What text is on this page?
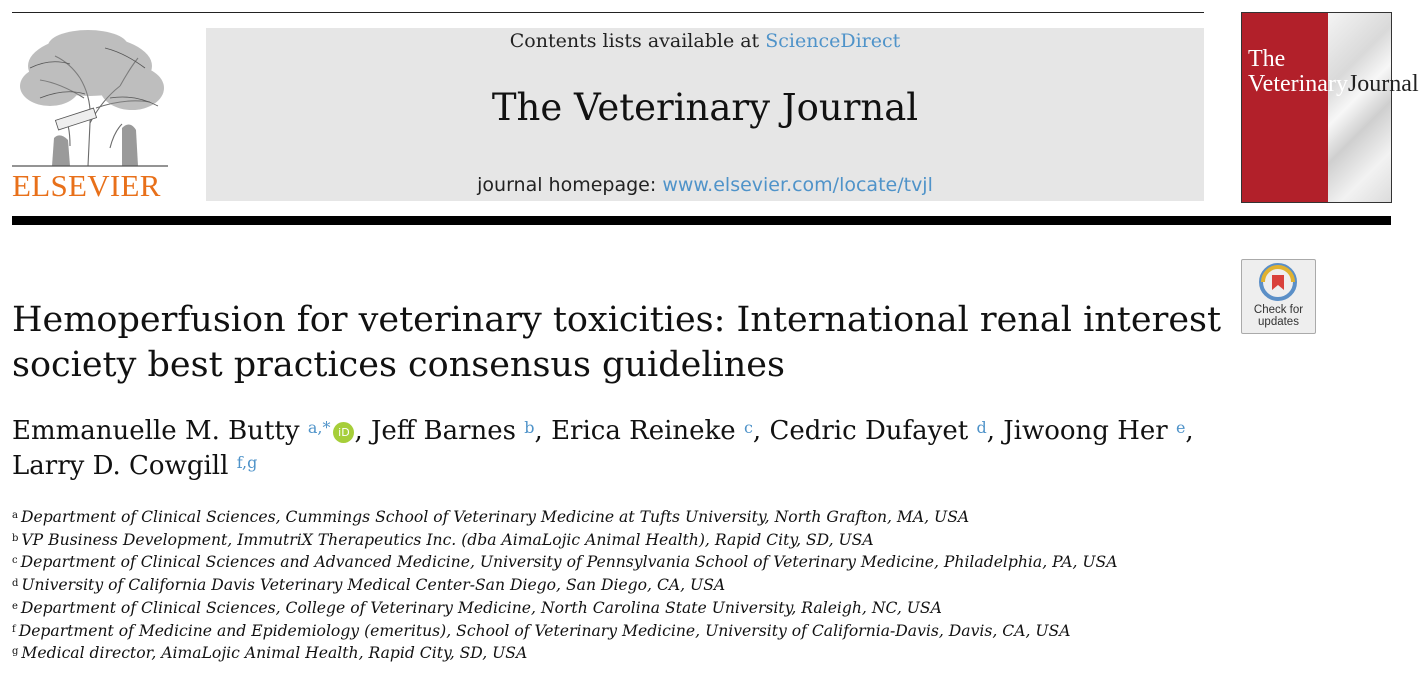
ELSEVIER
Contents lists available at ScienceDirect
The Veterinary Journal
journal homepage: www.elsevier.com/locate/tvjl
The
VeterinaryJournal
Check for
updates
Hemoperfusion for veterinary toxicities: International renal interest society best practices consensus guidelines
Emmanuelle M. Butty $^{a,*}$ iD , Jeff Barnes $^b$, Erica Reineke $^c$, Cedric Dufayet $^d$, Jiwoong Her $^e$,
Larry D. Cowgill $^{f,g}$
$^a$ Department of Clinical Sciences, Cummings School of Veterinary Medicine at Tufts University, North Grafton, MA, USA
$^b$ VP Business Development, ImmutriX Therapeutics Inc. (dba AimaLojic Animal Health), Rapid City, SD, USA
$^c$ Department of Clinical Sciences and Advanced Medicine, University of Pennsylvania School of Veterinary Medicine, Philadelphia, PA, USA
$^d$ University of California Davis Veterinary Medical Center-San Diego, San Diego, CA, USA
$^e$ Department of Clinical Sciences, College of Veterinary Medicine, North Carolina State University, Raleigh, NC, USA
$^f$ Department of Medicine and Epidemiology (emeritus), School of Veterinary Medicine, University of California-Davis, Davis, CA, USA
$^g$ Medical director, AimaLojic Animal Health, Rapid City, SD, USA
